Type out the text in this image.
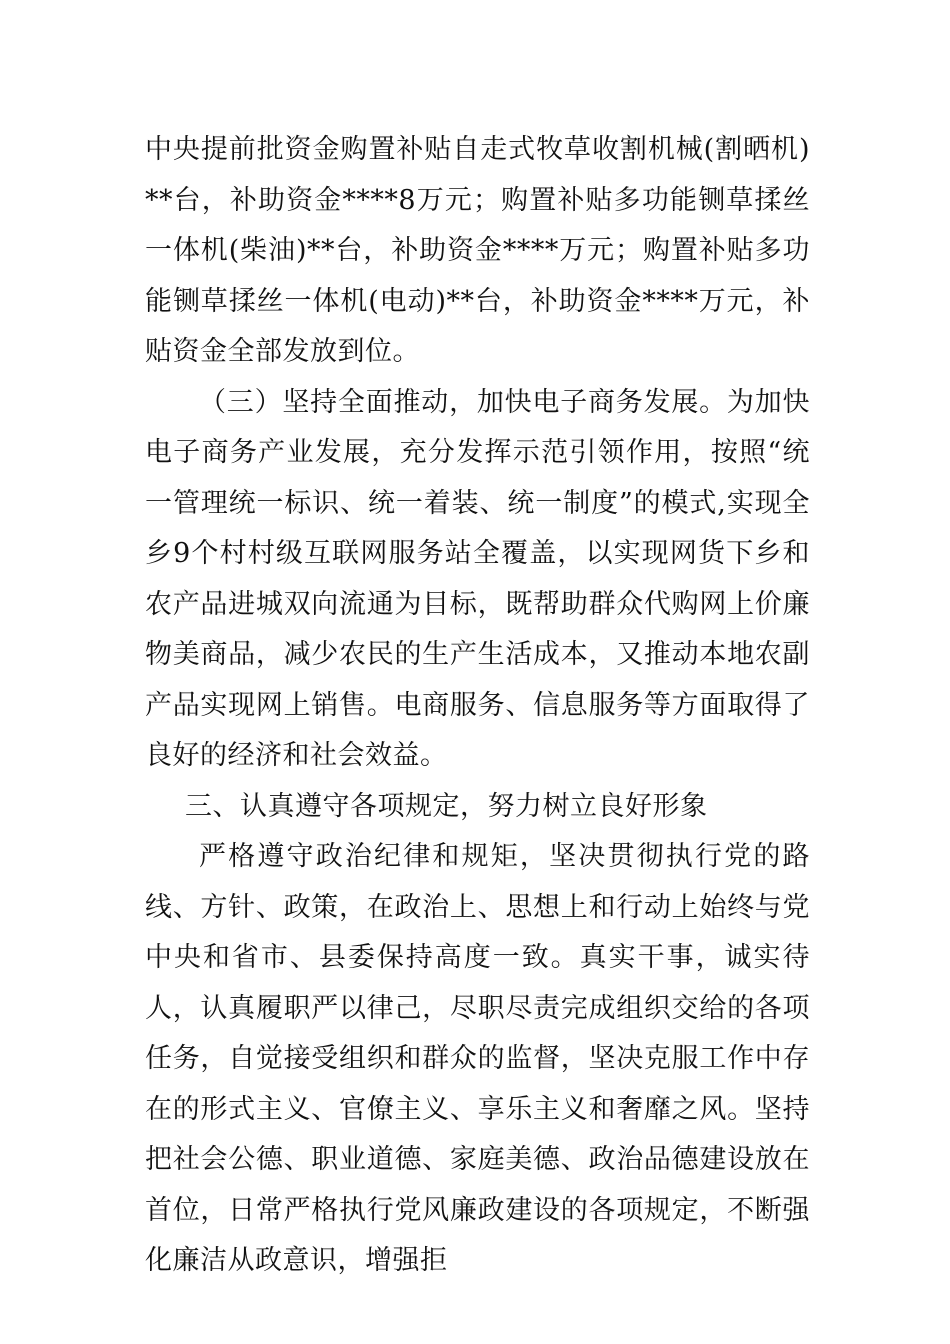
中央提前批资金购置补贴自走式牧草收割机械(割晒机)**台，补助资金****8万元；购置补贴多功能铡草揉丝一体机(柴油)**台，补助资金****万元；购置补贴多功能铡草揉丝一体机(电动)**台，补助资金****万元，补贴资金全部发放到位。

（三）坚持全面推动，加快电子商务发展。为加快电子商务产业发展，充分发挥示范引领作用，按照“统一管理统一标识、统一着装、统一制度”的模式,实现全乡9个村村级互联网服务站全覆盖，以实现网货下乡和农产品进城双向流通为目标，既帮助群众代购网上价廉物美商品，减少农民的生产生活成本，又推动本地农副产品实现网上销售。电商服务、信息服务等方面取得了良好的经济和社会效益。

三、认真遵守各项规定，努力树立良好形象

严格遵守政治纪律和规矩，坚决贯彻执行党的路线、方针、政策，在政治上、思想上和行动上始终与党中央和省市、县委保持高度一致。真实干事，诚实待人，认真履职严以律己，尽职尽责完成组织交给的各项任务，自觉接受组织和群众的监督，坚决克服工作中存在的形式主义、官僚主义、享乐主义和奢靡之风。坚持把社会公德、职业道德、家庭美德、政治品德建设放在首位，日常严格执行党风廉政建设的各项规定，不断强化廉洁从政意识，增强拒
